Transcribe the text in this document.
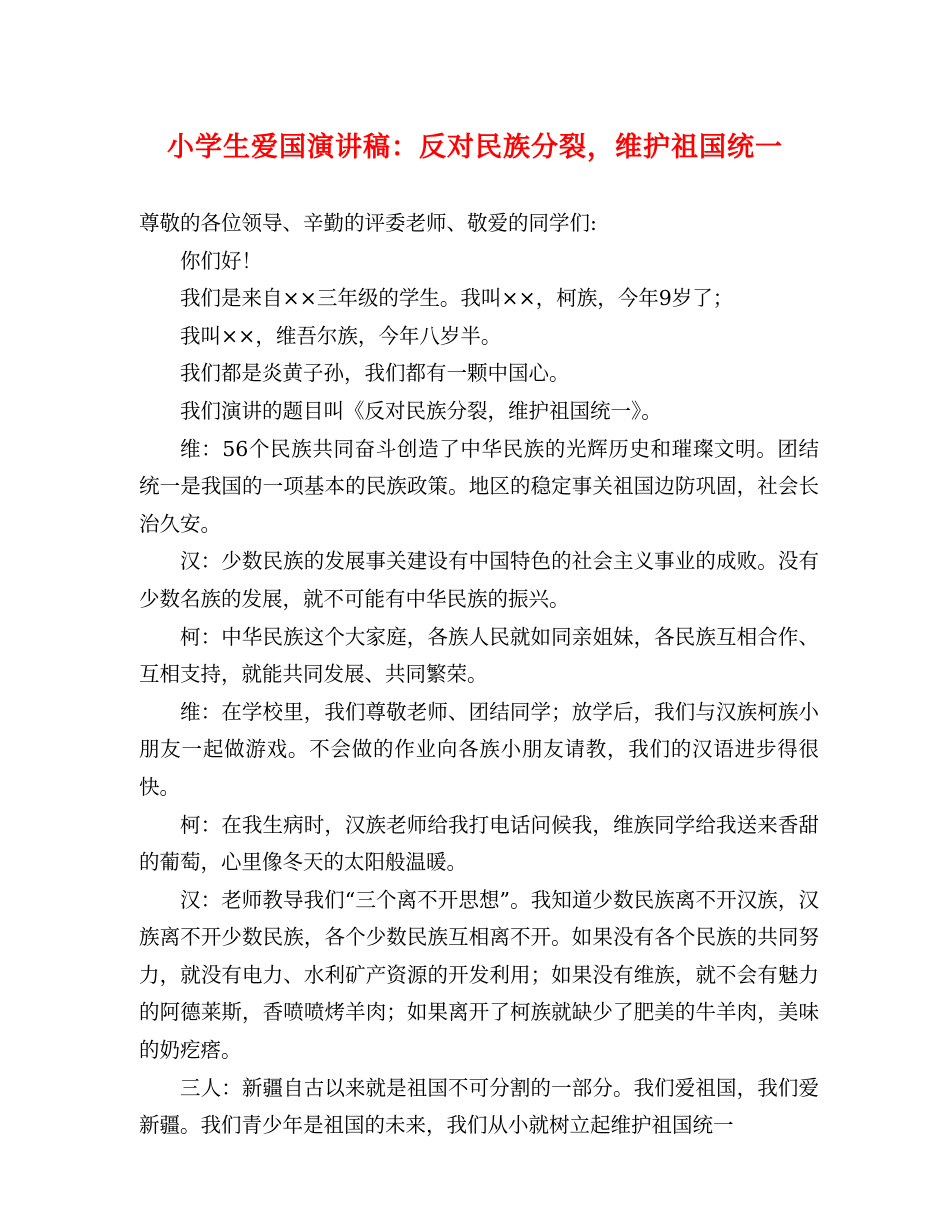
小学生爱国演讲稿：反对民族分裂，维护祖国统一

尊敬的各位领导、辛勤的评委老师、敬爱的同学们:

你们好！

我们是来自××三年级的学生。我叫××，柯族，今年9岁了；

我叫××，维吾尔族，今年八岁半。

我们都是炎黄子孙，我们都有一颗中国心。

我们演讲的题目叫《反对民族分裂，维护祖国统一》。

维：56个民族共同奋斗创造了中华民族的光辉历史和璀璨文明。团结统一是我国的一项基本的民族政策。地区的稳定事关祖国边防巩固，社会长治久安。

汉：少数民族的发展事关建设有中国特色的社会主义事业的成败。没有少数名族的发展，就不可能有中华民族的振兴。

柯：中华民族这个大家庭，各族人民就如同亲姐妹，各民族互相合作、互相支持，就能共同发展、共同繁荣。

维：在学校里，我们尊敬老师、团结同学；放学后，我们与汉族柯族小朋友一起做游戏。不会做的作业向各族小朋友请教，我们的汉语进步得很快。

柯：在我生病时，汉族老师给我打电话问候我，维族同学给我送来香甜的葡萄，心里像冬天的太阳般温暖。

汉：老师教导我们“三个离不开思想”。我知道少数民族离不开汉族，汉族离不开少数民族，各个少数民族互相离不开。如果没有各个民族的共同努力，就没有电力、水利矿产资源的开发利用；如果没有维族，就不会有魅力的阿德莱斯，香喷喷烤羊肉；如果离开了柯族就缺少了肥美的牛羊肉，美味的奶疙瘩。

三人：新疆自古以来就是祖国不可分割的一部分。我们爱祖国，我们爱新疆。我们青少年是祖国的未来，我们从小就树立起维护祖国统一
